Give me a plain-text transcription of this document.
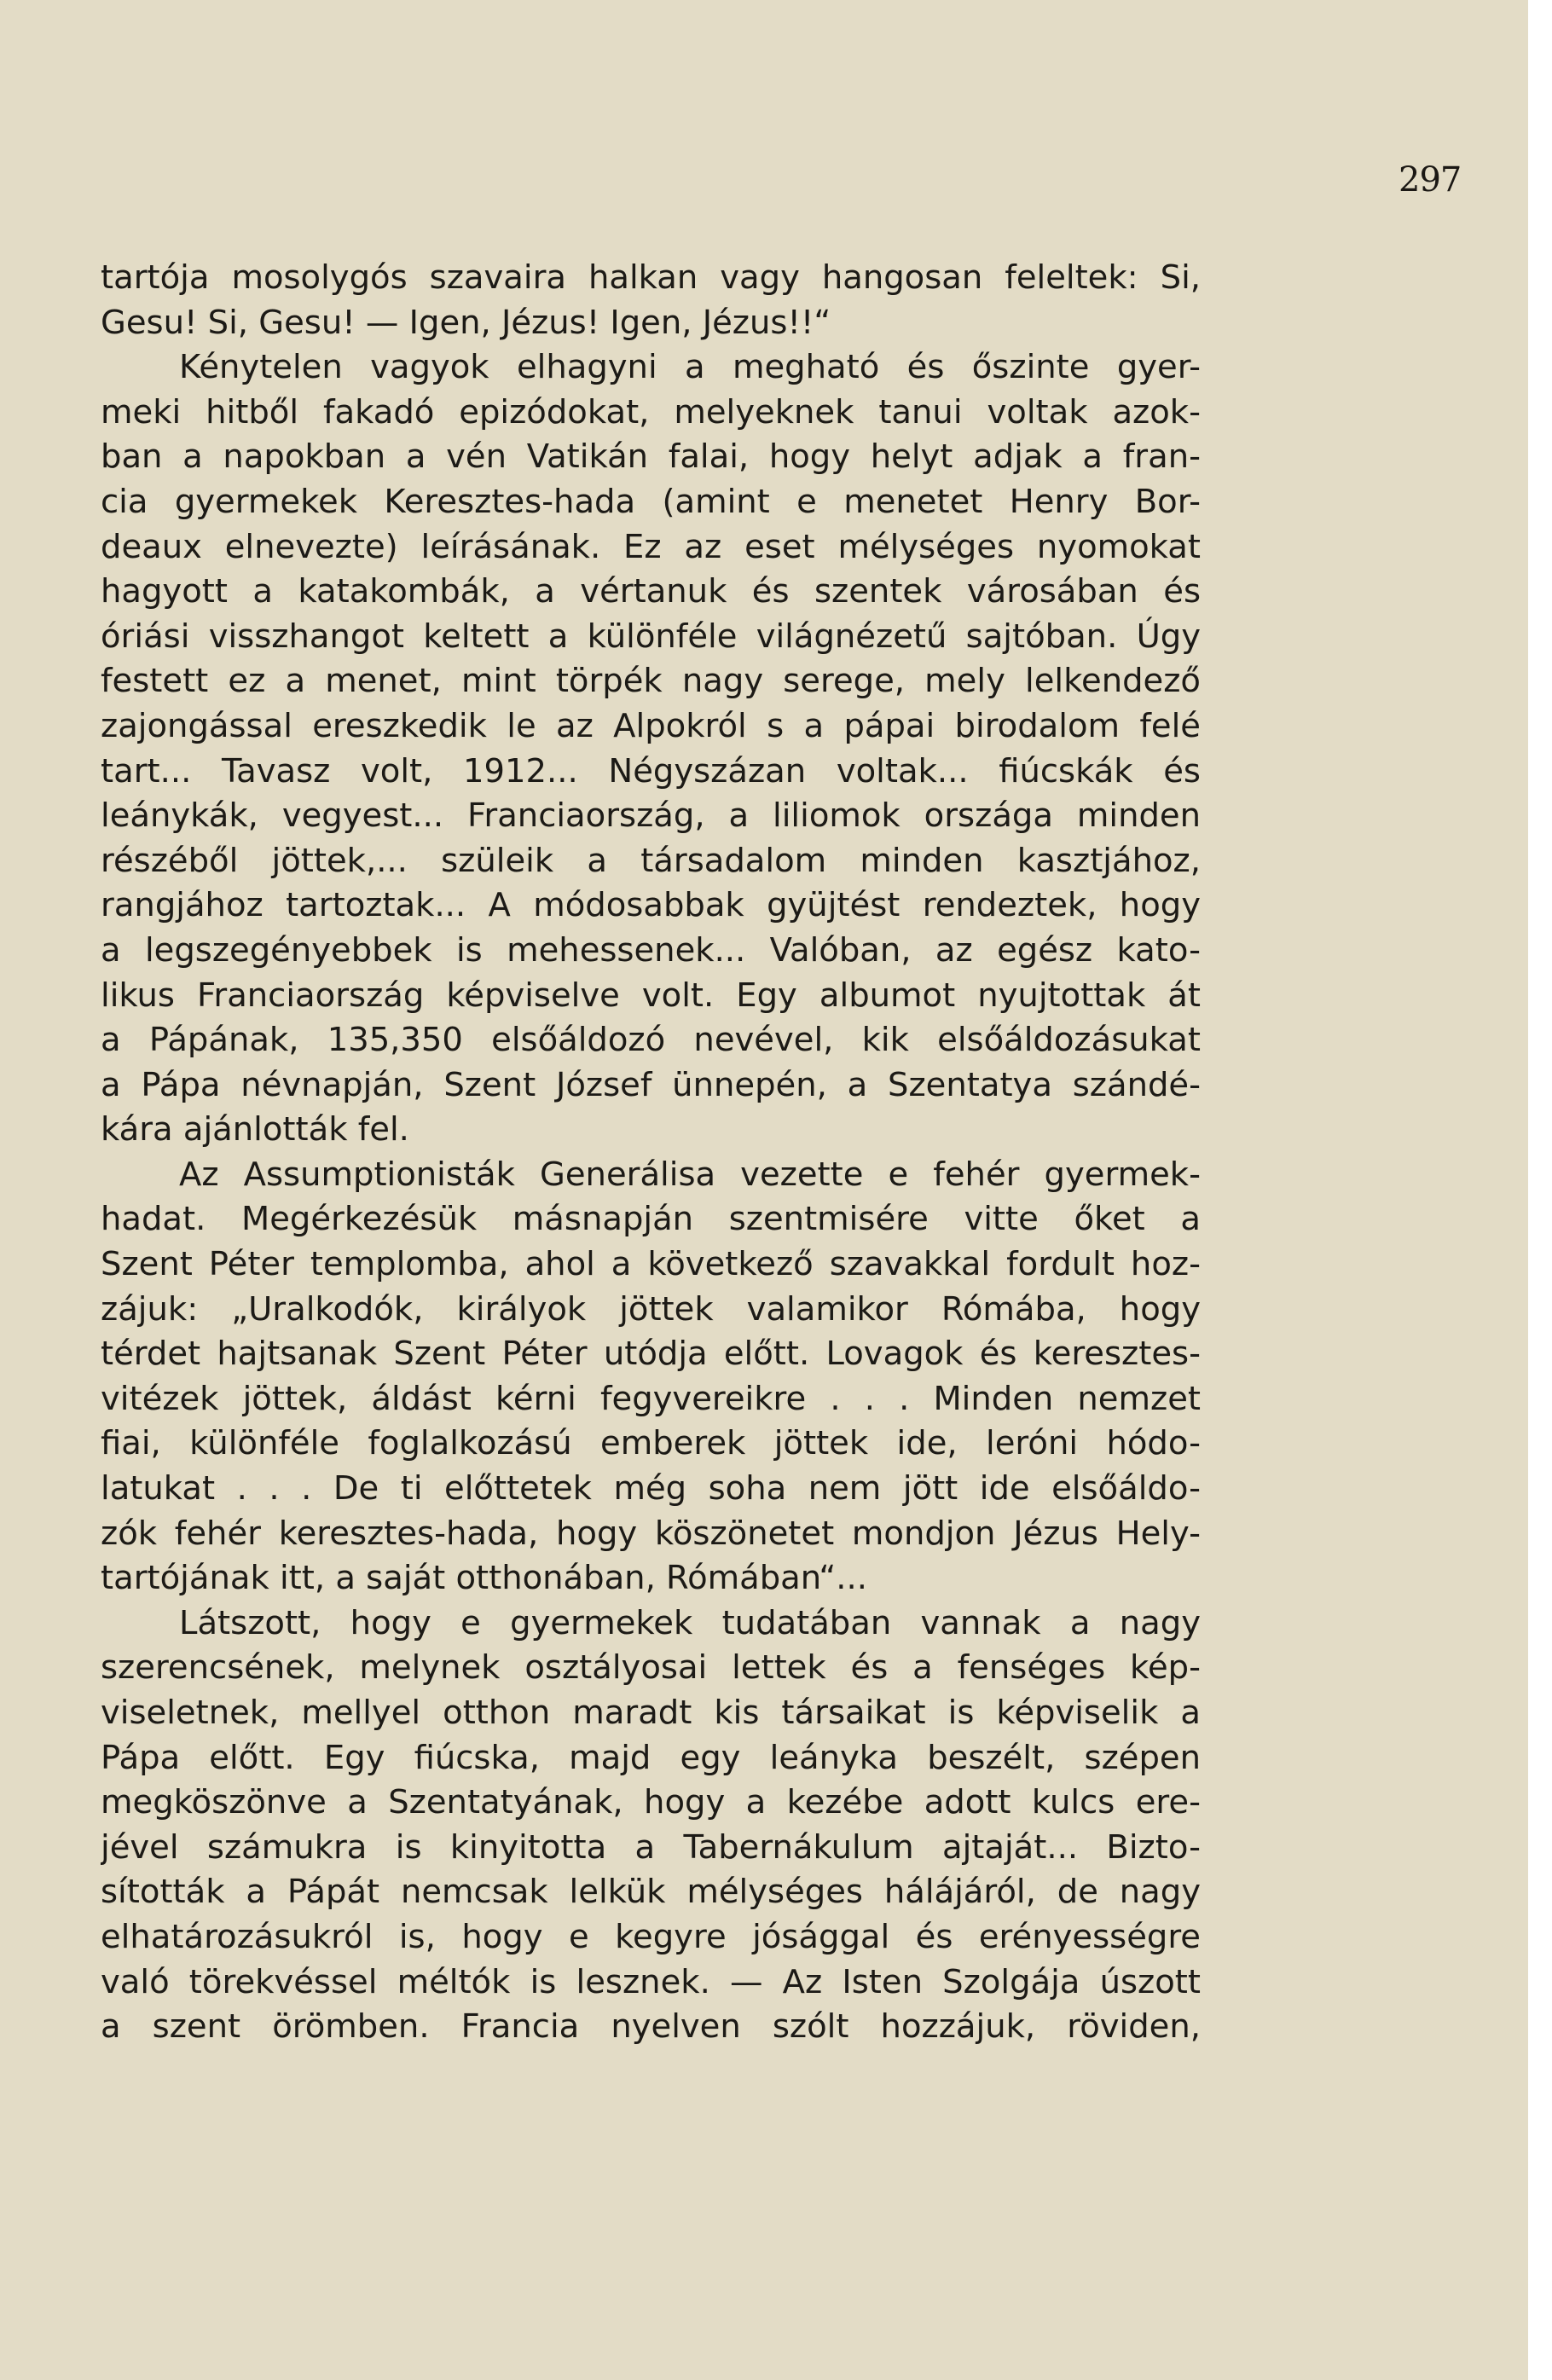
297
tartója mosolygós szavaira halkan vagy hangosan feleltek: Si,
Gesu! Si, Gesu! — Igen, Jézus! Igen, Jézus!!“
Kénytelen vagyok elhagyni a megható és őszinte gyer-
meki hitből fakadó epizódokat, melyeknek tanui voltak azok-
ban a napokban a vén Vatikán falai, hogy helyt adjak a fran-
cia gyermekek Keresztes-hada (amint e menetet Henry Bor-
deaux elnevezte) leírásának. Ez az eset mélységes nyomokat
hagyott a katakombák, a vértanuk és szentek városában és
óriási visszhangot keltett a különféle világnézetű sajtóban. Úgy
festett ez a menet, mint törpék nagy serege, mely lelkendező
zajongással ereszkedik le az Alpokról s a pápai birodalom felé
tart... Tavasz volt, 1912... Négyszázan voltak... fiúcskák és
leánykák, vegyest... Franciaország, a liliomok országa minden
részéből jöttek,... szüleik a társadalom minden kasztjához,
rangjához tartoztak... A módosabbak gyüjtést rendeztek, hogy
a legszegényebbek is mehessenek... Valóban, az egész kato-
likus Franciaország képviselve volt. Egy albumot nyujtottak át
a Pápának, 135,350 elsőáldozó nevével, kik elsőáldozásukat
a Pápa névnapján, Szent József ünnepén, a Szentatya szándé-
kára ajánlották fel.
Az Assumptionisták Generálisa vezette e fehér gyermek-
hadat. Megérkezésük másnapján szentmisére vitte őket a
Szent Péter templomba, ahol a következő szavakkal fordult hoz-
zájuk: „Uralkodók, királyok jöttek valamikor Rómába, hogy
térdet hajtsanak Szent Péter utódja előtt. Lovagok és keresztes-
vitézek jöttek, áldást kérni fegyvereikre . . . Minden nemzet
fiai, különféle foglalkozású emberek jöttek ide, leróni hódo-
latukat . . . De ti előttetek még soha nem jött ide elsőáldo-
zók fehér keresztes-hada, hogy köszönetet mondjon Jézus Hely-
tartójának itt, a saját otthonában, Rómában“...
Látszott, hogy e gyermekek tudatában vannak a nagy
szerencsének, melynek osztályosai lettek és a fenséges kép-
viseletnek, mellyel otthon maradt kis társaikat is képviselik a
Pápa előtt. Egy fiúcska, majd egy leányka beszélt, szépen
megköszönve a Szentatyának, hogy a kezébe adott kulcs ere-
jével számukra is kinyitotta a Tabernákulum ajtaját... Bizto-
sították a Pápát nemcsak lelkük mélységes hálájáról, de nagy
elhatározásukról is, hogy e kegyre jósággal és erényességre
való törekvéssel méltók is lesznek. — Az Isten Szolgája úszott
a szent örömben. Francia nyelven szólt hozzájuk, röviden,
